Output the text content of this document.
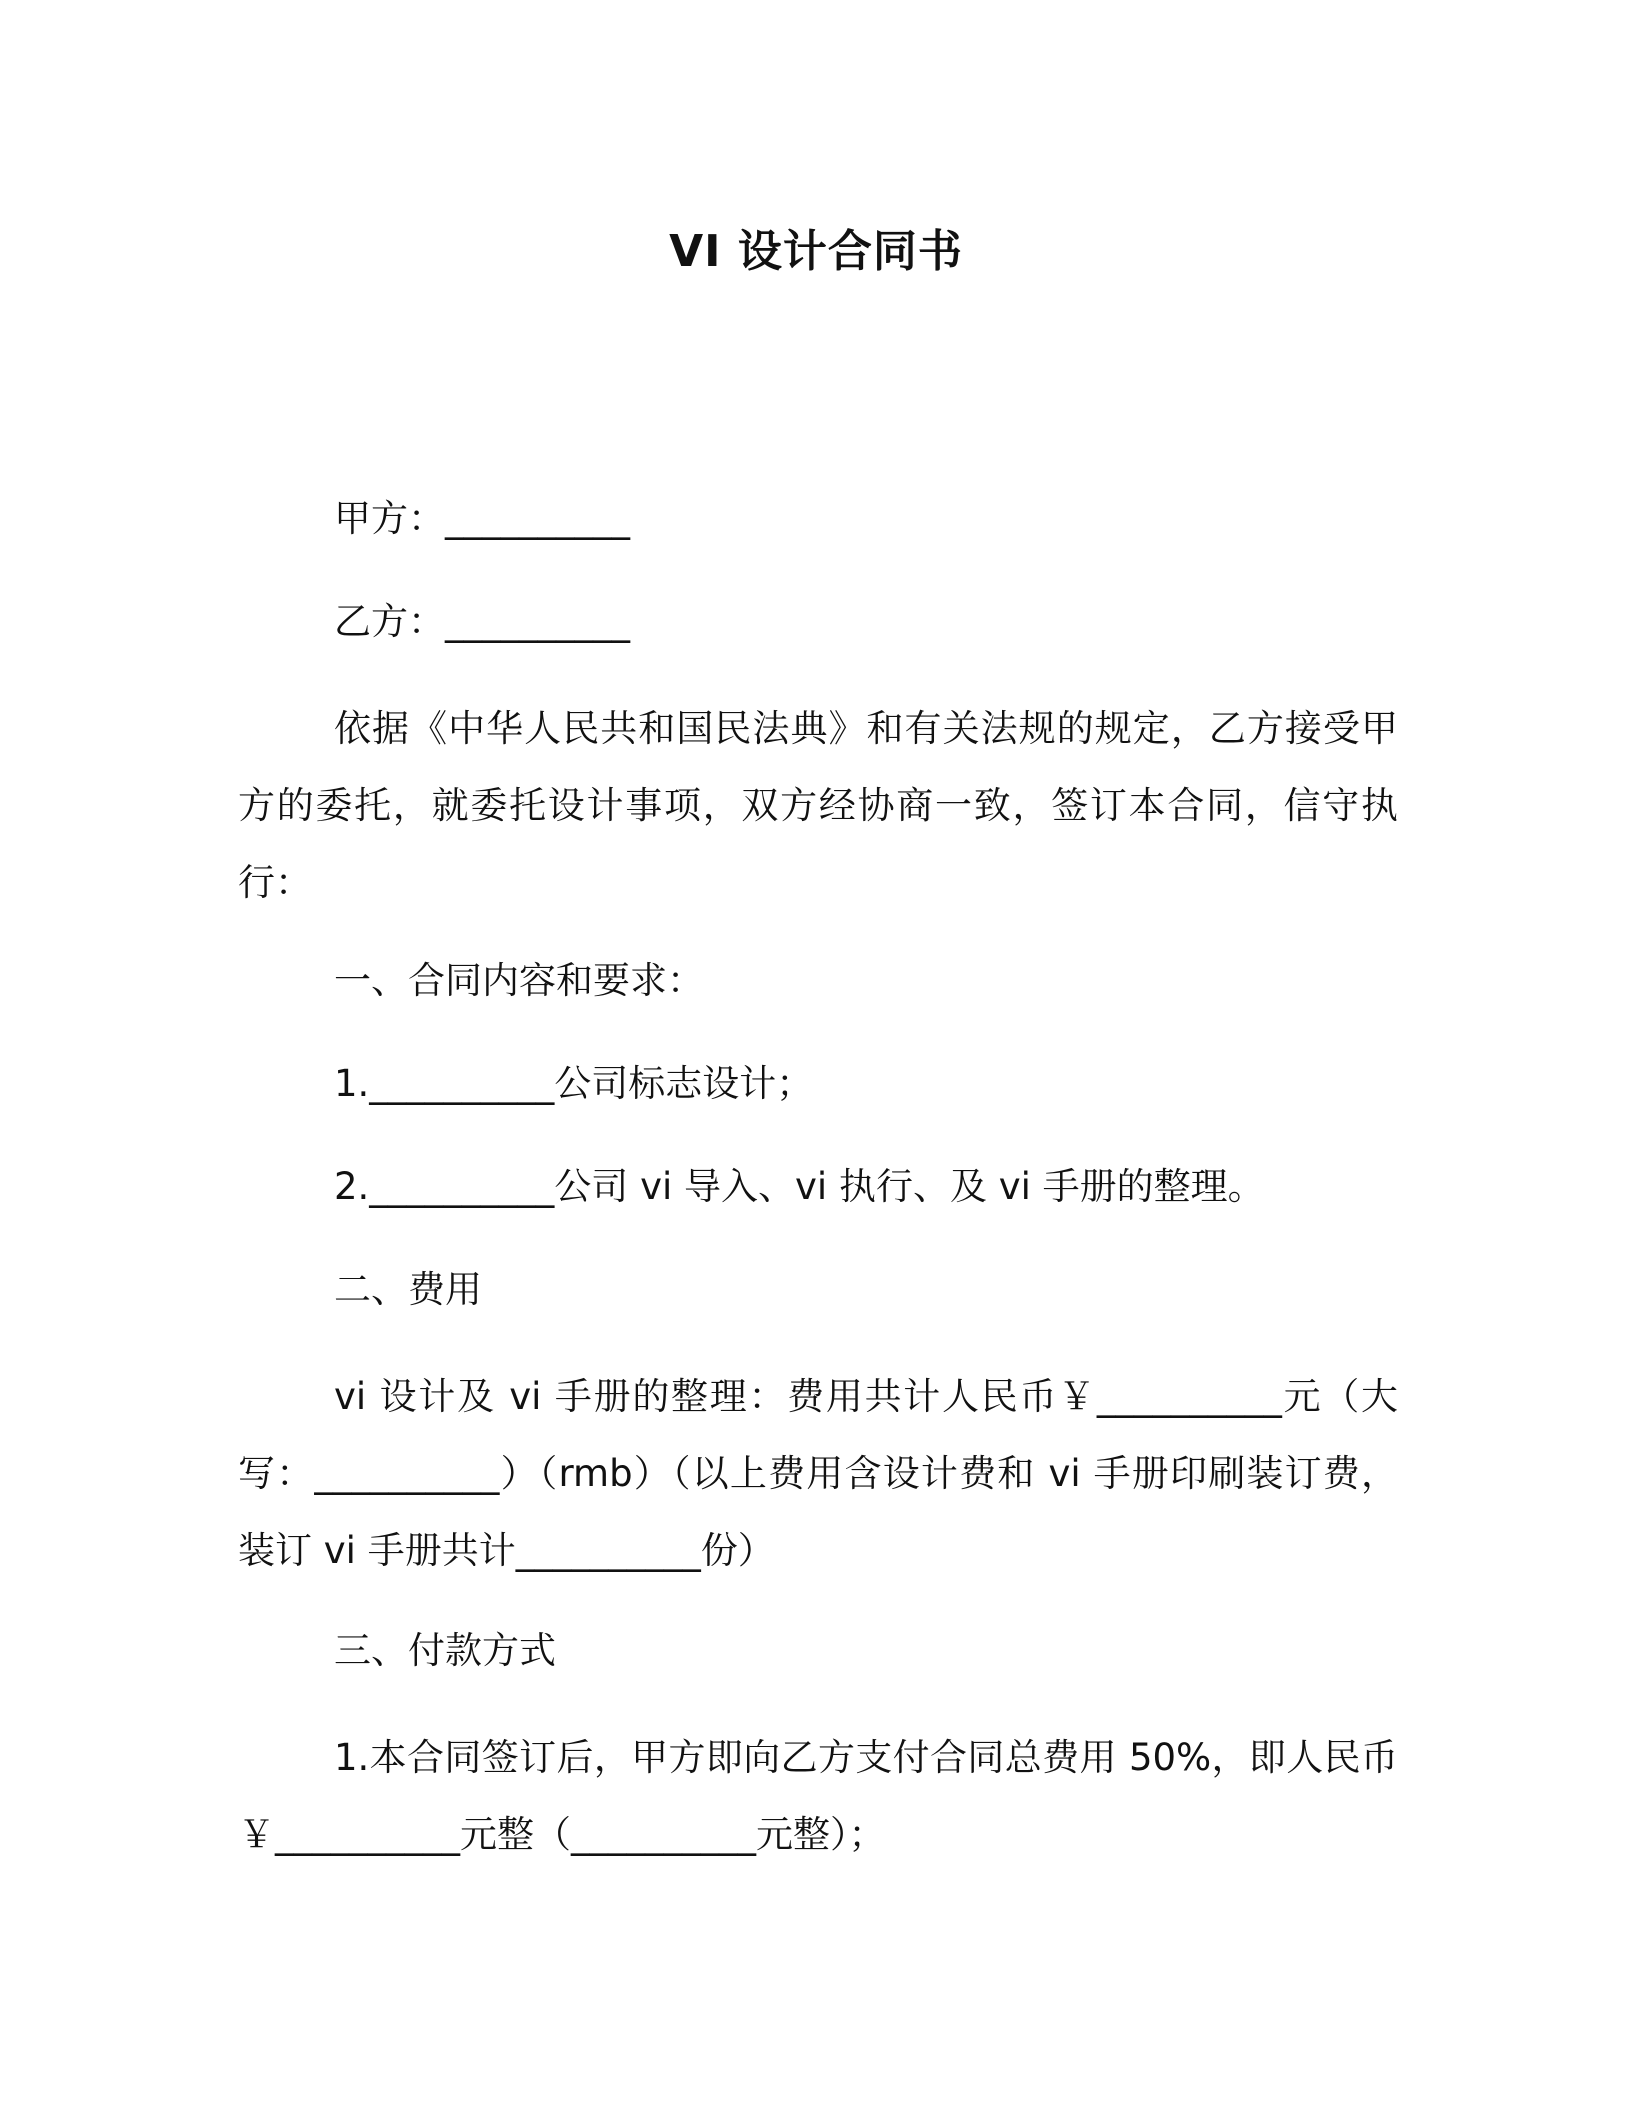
VI 设计合同书
甲方：__________
乙方：__________
依据《中华人民共和国民法典》和有关法规的规定，乙方接受甲方的委托，就委托设计事项，双方经协商一致，签订本合同，信守执行：
一、合同内容和要求：
1.__________公司标志设计；
2.__________公司 vi 导入、vi 执行、及 vi 手册的整理。
二、费用
vi 设计及 vi 手册的整理：费用共计人民币￥__________元（大写：__________）（rmb）（以上费用含设计费和 vi 手册印刷装订费，装订 vi 手册共计__________份）
三、付款方式
1.本合同签订后，甲方即向乙方支付合同总费用 50%，即人民币￥__________元整（__________元整）；
